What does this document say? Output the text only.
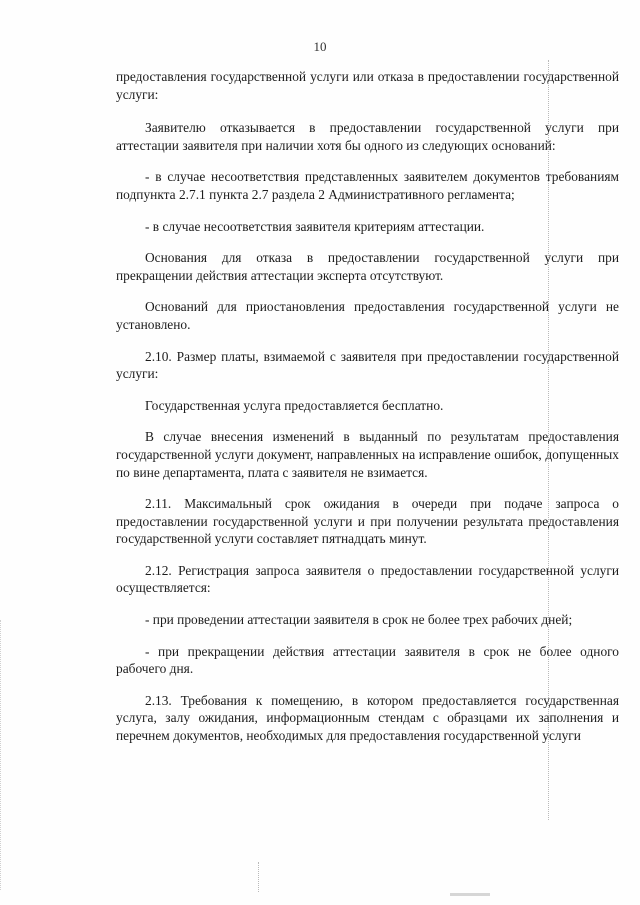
10

предоставления государственной услуги или отказа в предоставлении государственной услуги:

Заявителю отказывается в предоставлении государственной услуги при аттестации заявителя при наличии хотя бы одного из следующих оснований:

- в случае несоответствия представленных заявителем документов требованиям подпункта 2.7.1 пункта 2.7 раздела 2 Административного регламента;

- в случае несоответствия заявителя критериям аттестации.

Основания для отказа в предоставлении государственной услуги при прекращении действия аттестации эксперта отсутствуют.

Оснований для приостановления предоставления государственной услуги не установлено.

2.10. Размер платы, взимаемой с заявителя при предоставлении государственной услуги:

Государственная услуга предоставляется бесплатно.

В случае внесения изменений в выданный по результатам предоставления государственной услуги документ, направленных на исправление ошибок, допущенных по вине департамента, плата с заявителя не взимается.

2.11. Максимальный срок ожидания в очереди при подаче запроса о предоставлении государственной услуги и при получении результата предоставления государственной услуги составляет пятнадцать минут.

2.12. Регистрация запроса заявителя о предоставлении государственной услуги осуществляется:

- при проведении аттестации заявителя в срок не более трех рабочих дней;

- при прекращении действия аттестации заявителя в срок не более одного рабочего дня.

2.13. Требования к помещению, в котором предоставляется государственная услуга, залу ожидания, информационным стендам с образцами их заполнения и перечнем документов, необходимых для предоставления государственной услуги
